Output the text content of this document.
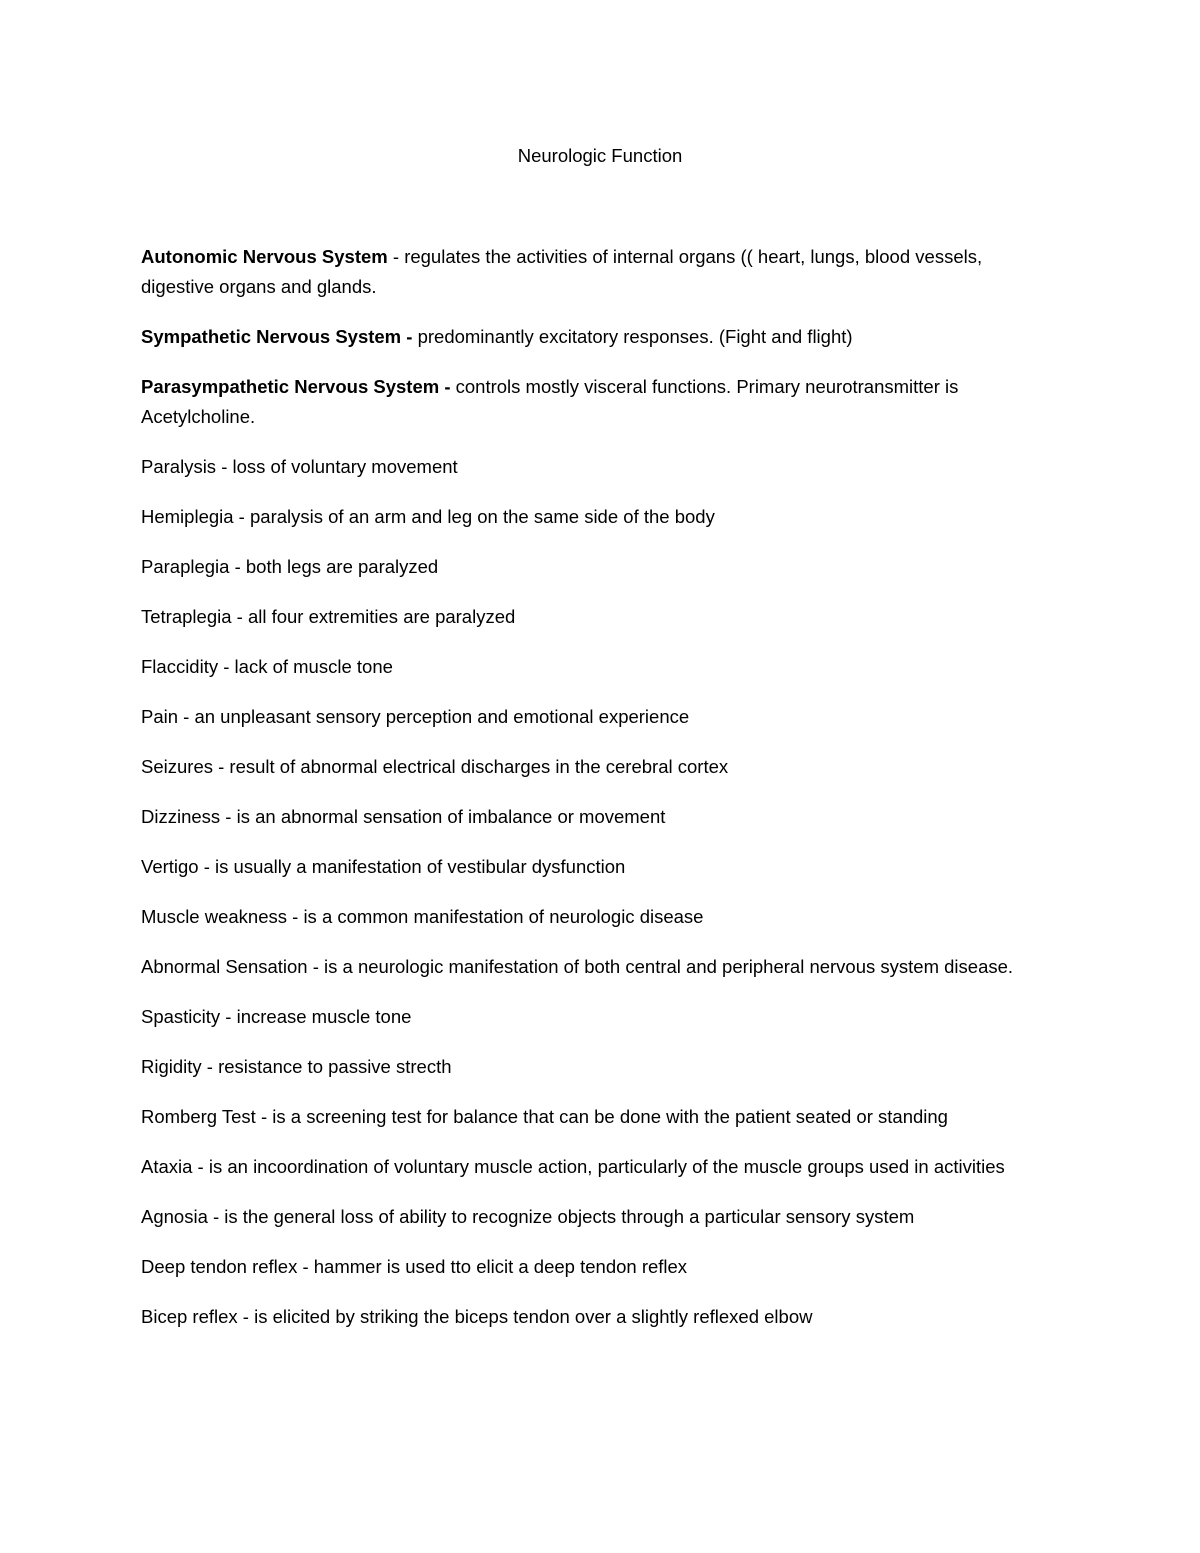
Neurologic Function

Autonomic Nervous System - regulates the activities of internal organs (( heart, lungs, blood vessels, digestive organs and glands.

Sympathetic Nervous System - predominantly excitatory responses. (Fight and flight)

Parasympathetic Nervous System - controls mostly visceral functions. Primary neurotransmitter is Acetylcholine.

Paralysis - loss of voluntary movement

Hemiplegia - paralysis of an arm and leg on the same side of the body

Paraplegia - both legs are paralyzed

Tetraplegia - all four extremities are paralyzed

Flaccidity - lack of muscle tone

Pain - an unpleasant sensory perception and emotional experience

Seizures - result of abnormal electrical discharges in the cerebral cortex

Dizziness - is an abnormal sensation of imbalance or movement

Vertigo - is usually a manifestation of vestibular dysfunction

Muscle weakness - is a common manifestation of neurologic disease

Abnormal Sensation - is a neurologic manifestation of both central and peripheral nervous system disease.

Spasticity - increase muscle tone

Rigidity - resistance to passive strecth

Romberg Test - is a screening test for balance that can be done with the patient seated or standing

Ataxia - is an incoordination of voluntary muscle action, particularly of the muscle groups used in activities

Agnosia - is the general loss of ability to recognize objects through a particular sensory system

Deep tendon reflex - hammer is used tto elicit a deep tendon reflex

Bicep reflex - is elicited by striking the biceps tendon over a slightly reflexed elbow
